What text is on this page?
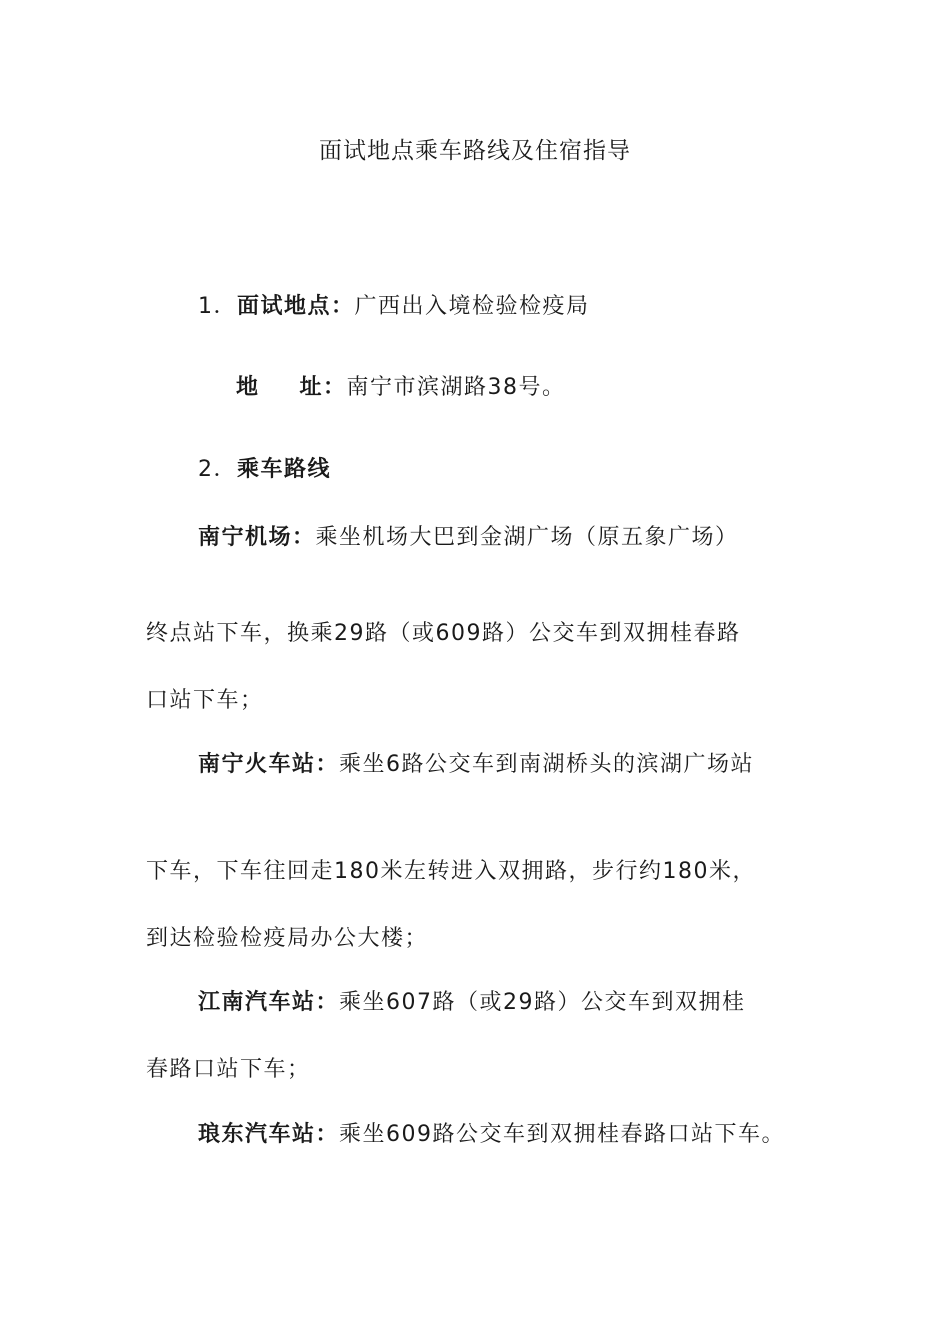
面试地点乘车路线及住宿指导
1．面试地点：广西出入境检验检疫局
地 址：南宁市滨湖路38号。
2．乘车路线
南宁机场：乘坐机场大巴到金湖广场（原五象广场）
终点站下车，换乘29路（或609路）公交车到双拥桂春路
口站下车；
南宁火车站：乘坐6路公交车到南湖桥头的滨湖广场站
下车，下车往回走180米左转进入双拥路，步行约180米，
到达检验检疫局办公大楼；
江南汽车站：乘坐607路（或29路）公交车到双拥桂
春路口站下车；
琅东汽车站：乘坐609路公交车到双拥桂春路口站下车。
